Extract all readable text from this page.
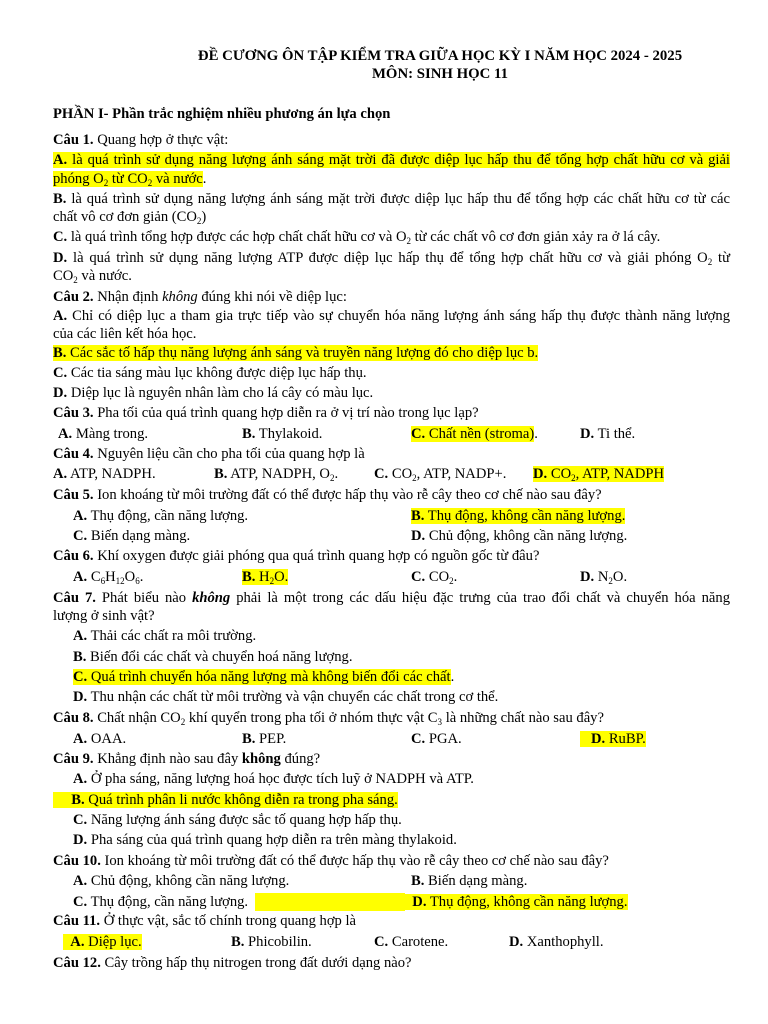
ĐỀ CƯƠNG ÔN TẬP KIỂM TRA GIỮA HỌC KỲ I NĂM HỌC 2024 - 2025
MÔN: SINH HỌC 11
PHẦN I- Phần trắc nghiệm nhiều phương án lựa chọn
Câu 1. Quang hợp ở thực vật:
A. là quá trình sử dụng năng lượng ánh sáng mặt trời đã được diệp lục hấp thu để tổng hợp chất hữu cơ và giải
phóng $O_2$ từ $CO_2$ và nước.
B. là quá trình sử dụng năng lượng ánh sáng mặt trời được diệp lục hấp thu để tổng hợp các chất hữu cơ từ các
chất vô cơ đơn giản $(CO_2)$
C. là quá trình tổng hợp được các hợp chất chất hữu cơ và $O_2$ từ các chất vô cơ đơn giản xảy ra ở lá cây.
D. là quá trình sử dụng năng lượng ATP được diệp lục hấp thụ để tổng hợp chất hữu cơ và giải phóng $O_2$ từ
$CO_2$ và nước.
Câu 2. Nhận định không đúng khi nói về diệp lục:
A. Chỉ có diệp lục a tham gia trực tiếp vào sự chuyển hóa năng lượng ánh sáng hấp thụ được thành năng lượng
của các liên kết hóa học.
B. Các sắc tố hấp thụ năng lượng ánh sáng và truyền năng lượng đó cho diệp lục b.
C. Các tia sáng màu lục không được diệp lục hấp thụ.
D. Diệp lục là nguyên nhân làm cho lá cây có màu lục.
Câu 3. Pha tối của quá trình quang hợp diễn ra ở vị trí nào trong lục lạp?
A. Màng trong.	B. Thylakoid.	C. Chất nền (stroma).	D. Ti thể.
Câu 4. Nguyên liệu cần cho pha tối của quang hợp là
A. ATP, NADPH.	B. ATP, NADPH, $O_2$. C. $CO_2$, ATP, NADP+. D. $CO_2$, ATP, NADPH
Câu 5. Ion khoáng từ môi trường đất có thể được hấp thụ vào rễ cây theo cơ chế nào sau đây?
A. Thụ động, cần năng lượng.	B. Thụ động, không cần năng lượng.
C. Biến dạng màng.	D. Chủ động, không cần năng lượng.
Câu 6. Khí oxygen được giải phóng qua quá trình quang hợp có nguồn gốc từ đâu?
A. $C_6H_{12}O_6$.	B. $H_2O$.	C. $CO_2$.	D. $N_2O$.
Câu 7. Phát biểu nào không phải là một trong các dấu hiệu đặc trưng của trao đổi chất và chuyển hóa năng
lượng ở sinh vật?
A. Thải các chất ra môi trường.
B. Biến đổi các chất và chuyển hoá năng lượng.
C. Quá trình chuyển hóa năng lượng mà không biến đổi các chất.
D. Thu nhận các chất từ môi trường và vận chuyển các chất trong cơ thể.
Câu 8. Chất nhận $CO_2$ khí quyển trong pha tối ở nhóm thực vật $C_3$ là những chất nào sau đây?
A. OAA.	B. PEP.	C. PGA.	D. RuBP.
Câu 9. Khẳng định nào sau đây không đúng?
A. Ở pha sáng, năng lượng hoá học được tích luỹ ở NADPH và ATP.
B. Quá trình phân li nước không diễn ra trong pha sáng.
C. Năng lượng ánh sáng được sắc tố quang hợp hấp thụ.
D. Pha sáng của quá trình quang hợp diễn ra trên màng thylakoid.
Câu 10. Ion khoáng từ môi trường đất có thể được hấp thụ vào rễ cây theo cơ chế nào sau đây?
A. Chủ động, không cần năng lượng.	B. Biến dạng màng.
C. Thụ động, cần năng lượng.	D. Thụ động, không cần năng lượng.
Câu 11. Ở thực vật, sắc tố chính trong quang hợp là
A. Diệp lục.	B. Phicobilin.	C. Carotene.	D. Xanthophyll.
Câu 12. Cây trồng hấp thụ nitrogen trong đất dưới dạng nào?
